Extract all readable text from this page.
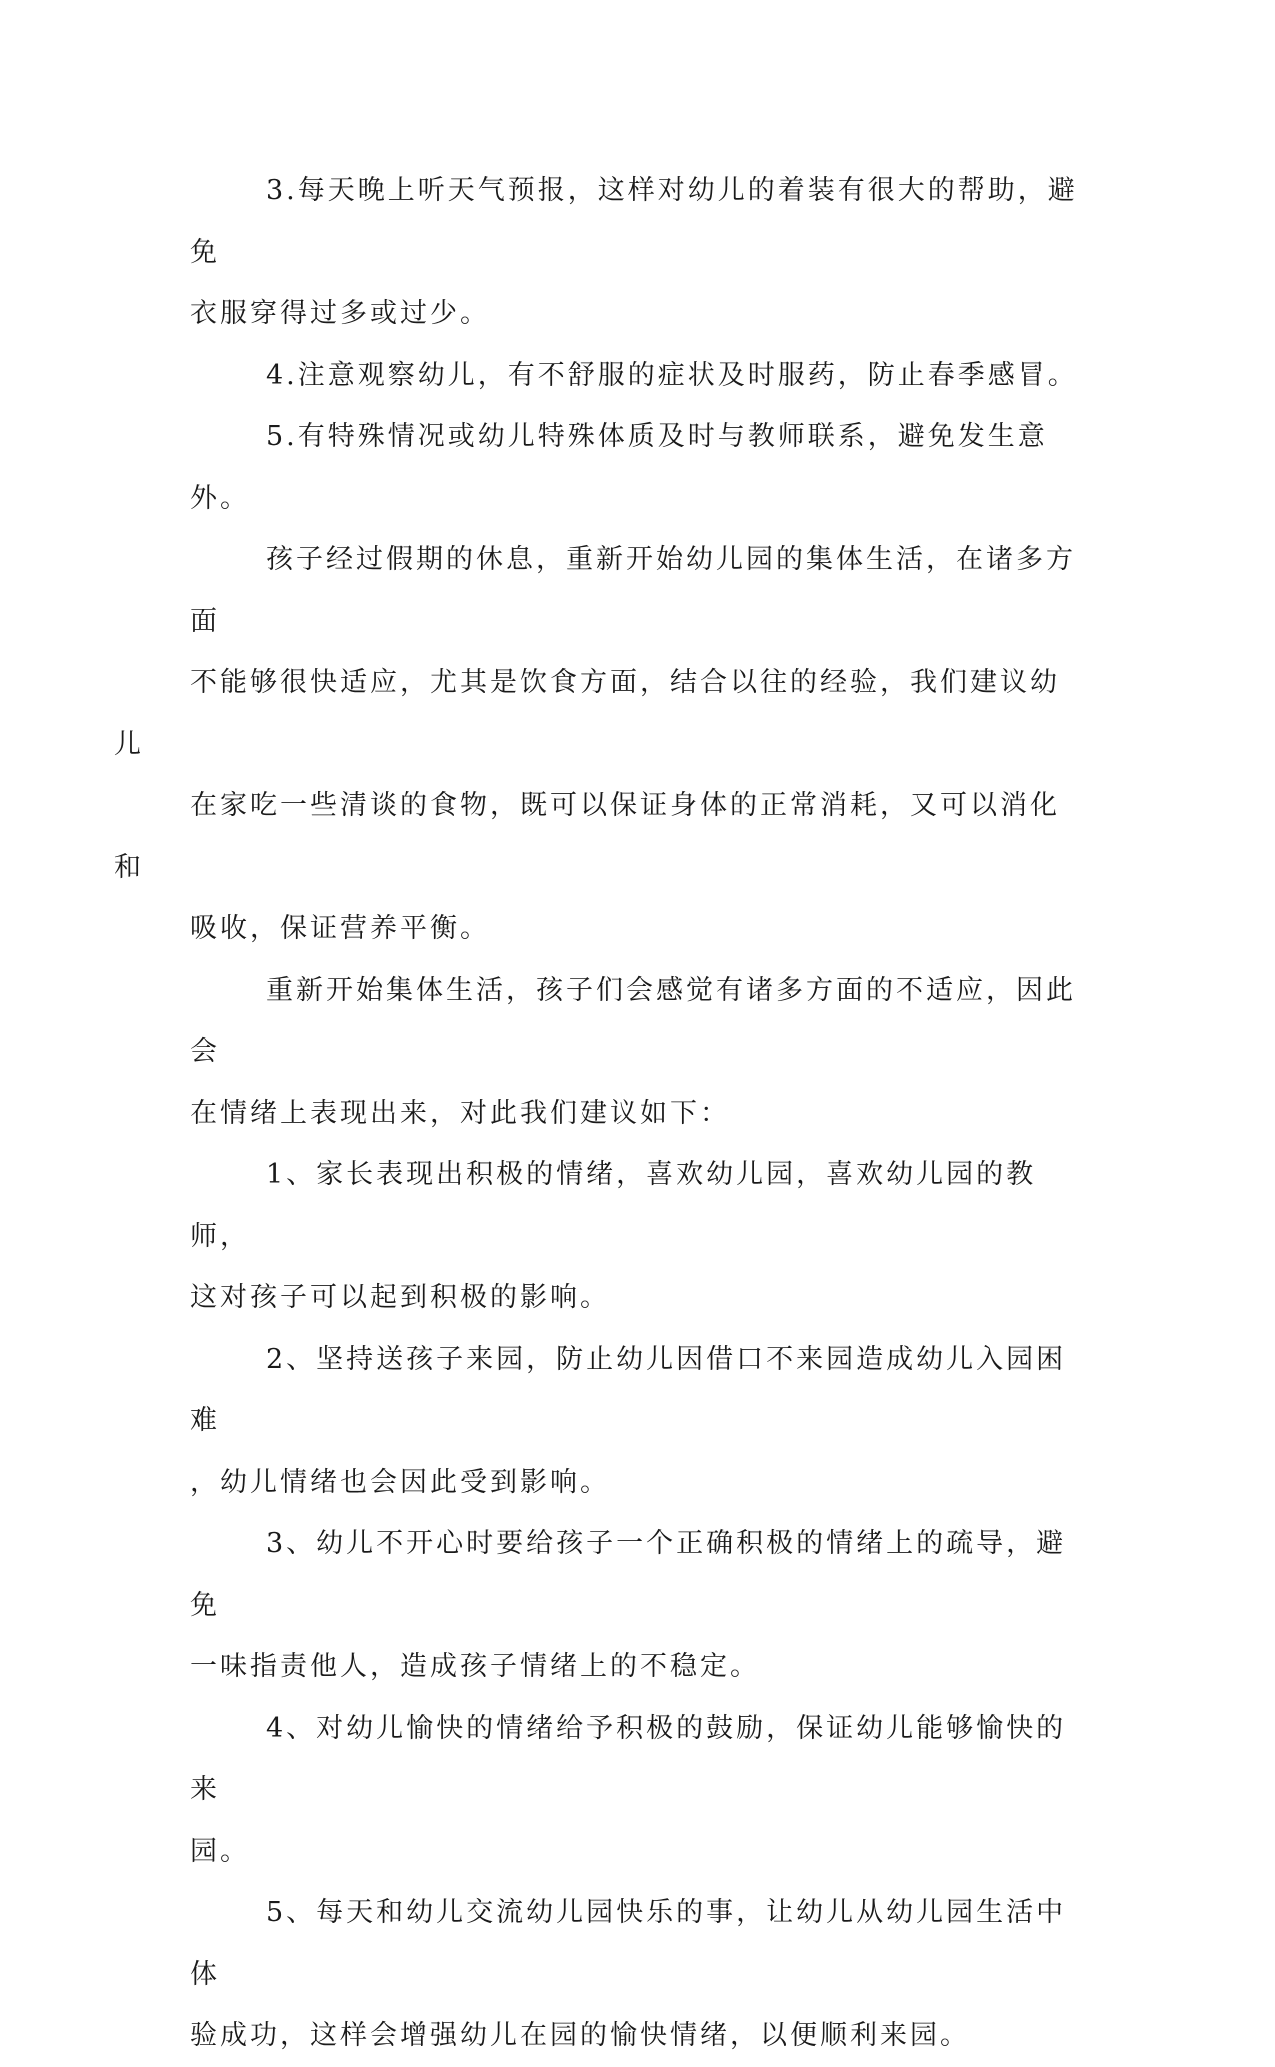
3.每天晚上听天气预报，这样对幼儿的着装有很大的帮助，避免
衣服穿得过多或过少。

4.注意观察幼儿，有不舒服的症状及时服药，防止春季感冒。

5.有特殊情况或幼儿特殊体质及时与教师联系，避免发生意外。

孩子经过假期的休息，重新开始幼儿园的集体生活，在诸多方面
不能够很快适应，尤其是饮食方面，结合以往的经验，我们建议幼儿
在家吃一些清谈的食物，既可以保证身体的正常消耗，又可以消化和
吸收，保证营养平衡。

重新开始集体生活，孩子们会感觉有诸多方面的不适应，因此会
在情绪上表现出来，对此我们建议如下：

1、家长表现出积极的情绪，喜欢幼儿园，喜欢幼儿园的教师，
这对孩子可以起到积极的影响。

2、坚持送孩子来园，防止幼儿因借口不来园造成幼儿入园困难
，幼儿情绪也会因此受到影响。

3、幼儿不开心时要给孩子一个正确积极的情绪上的疏导，避免
一味指责他人，造成孩子情绪上的不稳定。

4、对幼儿愉快的情绪给予积极的鼓励，保证幼儿能够愉快的来
园。

5、每天和幼儿交流幼儿园快乐的事，让幼儿从幼儿园生活中体
验成功，这样会增强幼儿在园的愉快情绪，以便顺利来园。
